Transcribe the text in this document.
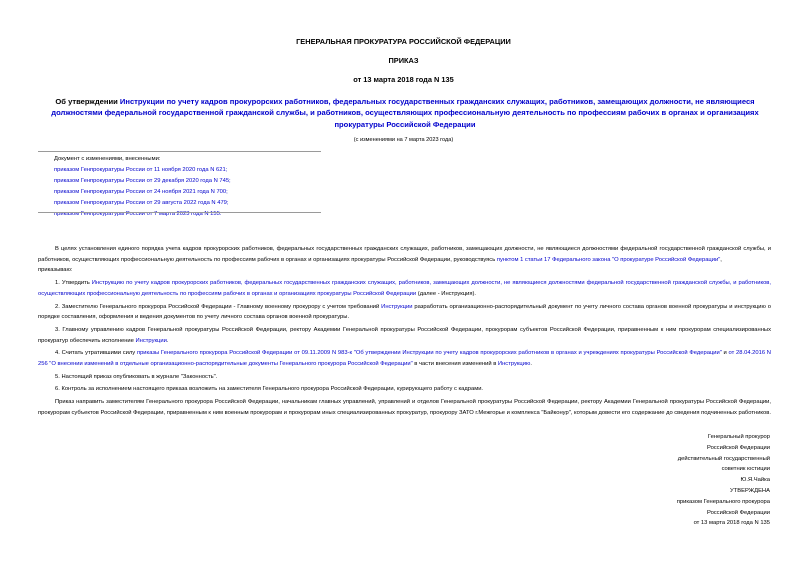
ГЕНЕРАЛЬНАЯ ПРОКУРАТУРА РОССИЙСКОЙ ФЕДЕРАЦИИ
ПРИКАЗ
от 13 марта 2018 года N 135
Об утверждении Инструкции по учету кадров прокурорских работников, федеральных государственных гражданских служащих, работников, замещающих должности, не являющиеся должностями федеральной государственной гражданской службы, и работников, осуществляющих профессиональную деятельность по профессиям рабочих в органах и организациях прокуратуры Российской Федерации
(с изменениями на 7 марта 2023 года)
Документ с изменениями, внесенными:
приказом Генпрокуратуры России от 11 ноября 2020 года N 621;
приказом Генпрокуратуры России от 29 декабря 2020 года N 745;
приказом Генпрокуратуры России от 24 ноября 2021 года N 700;
приказом Генпрокуратуры России от 29 августа 2022 года N 479;
приказом Генпрокуратуры России от 7 марта 2023 года N 155.

В целях установления единого порядка учета кадров прокурорских работников, федеральных государственных гражданских служащих, работников, замещающих должности, не являющиеся должностями федеральной государственной гражданской службы, и работников, осуществляющих профессиональную деятельность по профессиям рабочих в органах и организациях прокуратуры Российской Федерации, руководствуясь пунктом 1 статьи 17 Федерального закона "О прокуратуре Российской Федерации",

приказываю:

1. Утвердить Инструкцию по учету кадров прокурорских работников, федеральных государственных гражданских служащих, работников, замещающих должности, не являющиеся должностями федеральной государственной гражданской службы, и работников, осуществляющих профессиональную деятельность по профессиям рабочих в органах и организациях прокуратуры Российской Федерации (далее - Инструкция).

2. Заместителю Генерального прокурора Российской Федерации - Главному военному прокурору с учетом требований Инструкции разработать организационно-распорядительный документ по учету личного состава органов военной прокуратуры и инструкцию о порядке составления, оформления и ведения документов по учету личного состава органов военной прокуратуры.

3. Главному управлению кадров Генеральной прокуратуры Российской Федерации, ректору Академии Генеральной прокуратуры Российской Федерации, прокурорам субъектов Российской Федерации, приравненным к ним прокурорам специализированных прокуратур обеспечить исполнение Инструкции.

4. Считать утратившими силу приказы Генерального прокурора Российской Федерации от 09.11.2009 N 983-к "Об утверждении Инструкции по учету кадров прокурорских работников в органах и учреждениях прокуратуры Российской Федерации" и от 28.04.2016 N 256 "О внесении изменений в отдельные организационно-распорядительные документы Генерального прокурора Российской Федерации" в части внесения изменений в Инструкцию.

5. Настоящий приказ опубликовать в журнале "Законность".

6. Контроль за исполнением настоящего приказа возложить на заместителя Генерального прокурора Российской Федерации, курирующего работу с кадрами.

Приказ направить заместителям Генерального прокурора Российской Федерации, начальникам главных управлений, управлений и отделов Генеральной прокуратуры Российской Федерации, ректору Академии Генеральной прокуратуры Российской Федерации, прокурорам субъектов Российской Федерации, приравненным к ним военным прокурорам и прокурорам иных специализированных прокуратур, прокурору ЗАТО г.Межгорье и комплекса "Байконур", которым довести его содержание до сведения подчиненных работников.

Генеральный прокурор
Российской Федерации
действительный государственный
советник юстиции
Ю.Я.Чайка
УТВЕРЖДЕНА
приказом Генерального прокурора
Российской Федерации
от 13 марта 2018 года N 135
